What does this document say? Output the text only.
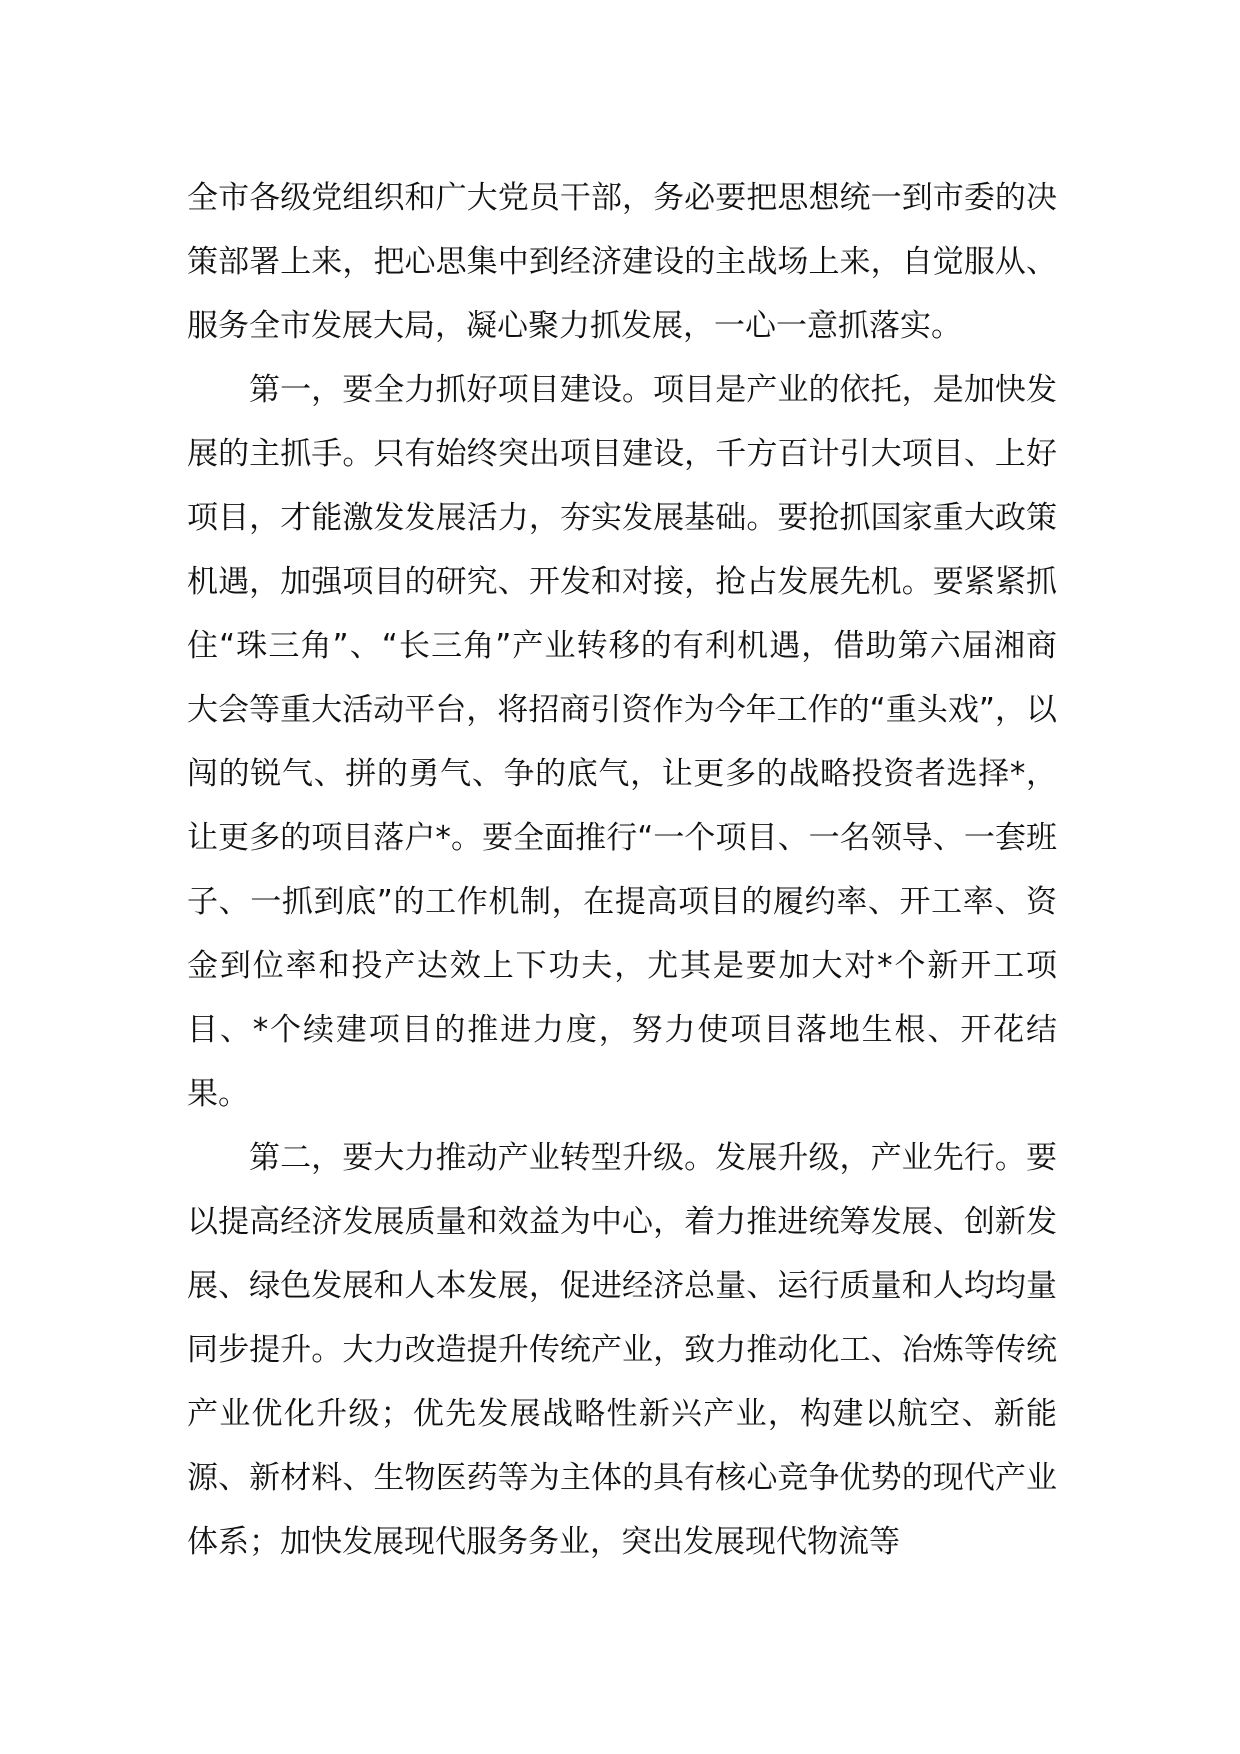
全市各级党组织和广大党员干部，务必要把思想统一到市委的决策部署上来，把心思集中到经济建设的主战场上来，自觉服从、服务全市发展大局，凝心聚力抓发展，一心一意抓落实。

第一，要全力抓好项目建设。项目是产业的依托，是加快发展的主抓手。只有始终突出项目建设，千方百计引大项目、上好项目，才能激发发展活力，夯实发展基础。要抢抓国家重大政策机遇，加强项目的研究、开发和对接，抢占发展先机。要紧紧抓住“珠三角”、“长三角”产业转移的有利机遇，借助第六届湘商大会等重大活动平台，将招商引资作为今年工作的“重头戏”，以闯的锐气、拼的勇气、争的底气，让更多的战略投资者选择*，让更多的项目落户*。要全面推行“一个项目、一名领导、一套班子、一抓到底”的工作机制，在提高项目的履约率、开工率、资金到位率和投产达效上下功夫，尤其是要加大对*个新开工项目、*个续建项目的推进力度，努力使项目落地生根、开花结果。

第二，要大力推动产业转型升级。发展升级，产业先行。要以提高经济发展质量和效益为中心，着力推进统筹发展、创新发展、绿色发展和人本发展，促进经济总量、运行质量和人均均量同步提升。大力改造提升传统产业，致力推动化工、冶炼等传统产业优化升级；优先发展战略性新兴产业，构建以航空、新能源、新材料、生物医药等为主体的具有核心竞争优势的现代产业体系；加快发展现代服务务业，突出发展现代物流等
